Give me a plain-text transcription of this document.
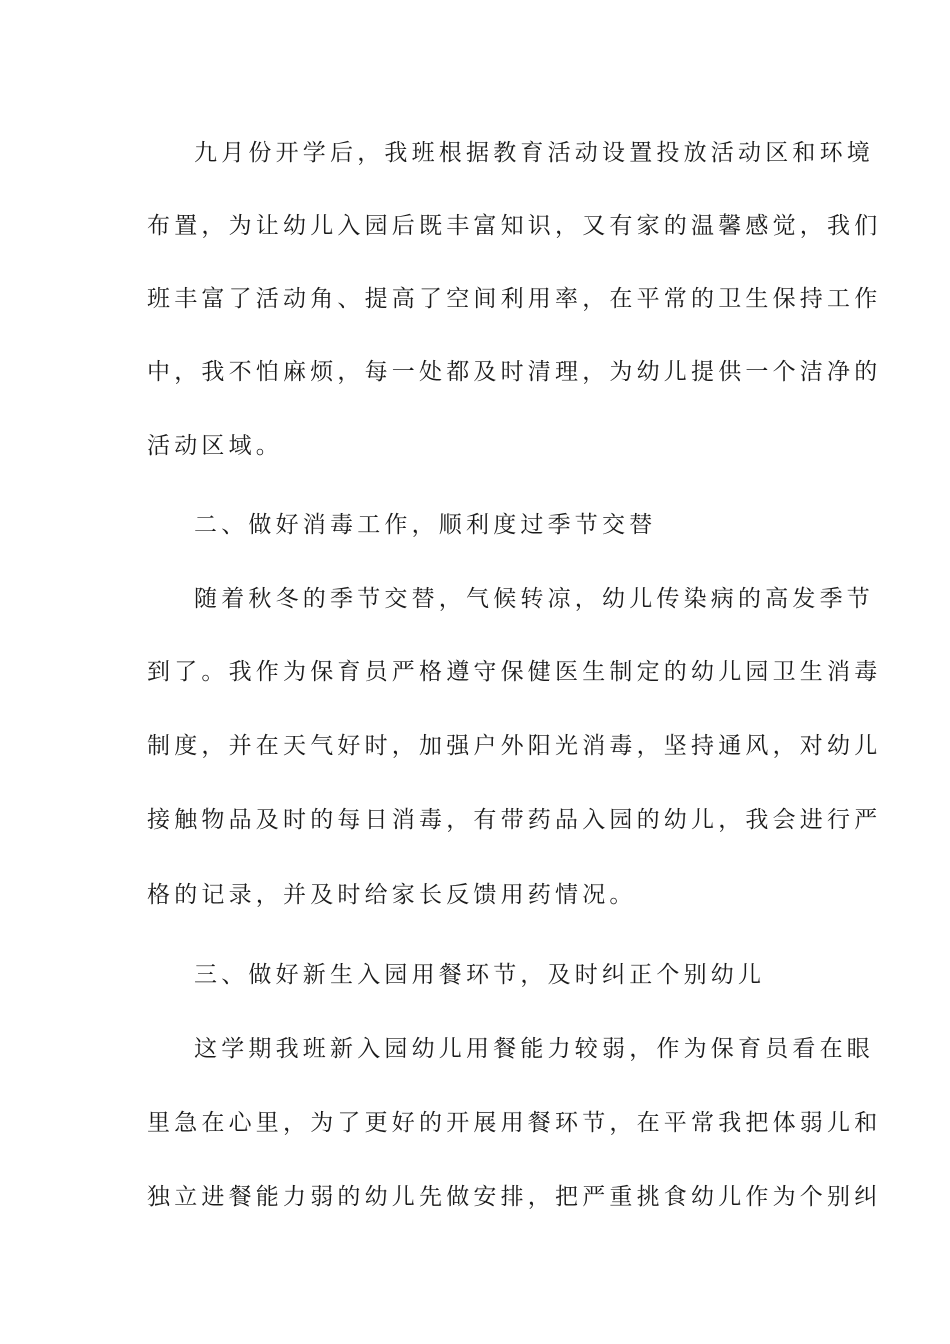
九月份开学后，我班根据教育活动设置投放活动区和环境
布置，为让幼儿入园后既丰富知识，又有家的温馨感觉，我们
班丰富了活动角、提高了空间利用率，在平常的卫生保持工作
中，我不怕麻烦，每一处都及时清理，为幼儿提供一个洁净的
活动区域。
二、做好消毒工作，顺利度过季节交替
随着秋冬的季节交替，气候转凉，幼儿传染病的高发季节
到了。我作为保育员严格遵守保健医生制定的幼儿园卫生消毒
制度，并在天气好时，加强户外阳光消毒，坚持通风，对幼儿
接触物品及时的每日消毒，有带药品入园的幼儿，我会进行严
格的记录，并及时给家长反馈用药情况。
三、做好新生入园用餐环节，及时纠正个别幼儿
这学期我班新入园幼儿用餐能力较弱，作为保育员看在眼
里急在心里，为了更好的开展用餐环节，在平常我把体弱儿和
独立进餐能力弱的幼儿先做安排，把严重挑食幼儿作为个别纠
